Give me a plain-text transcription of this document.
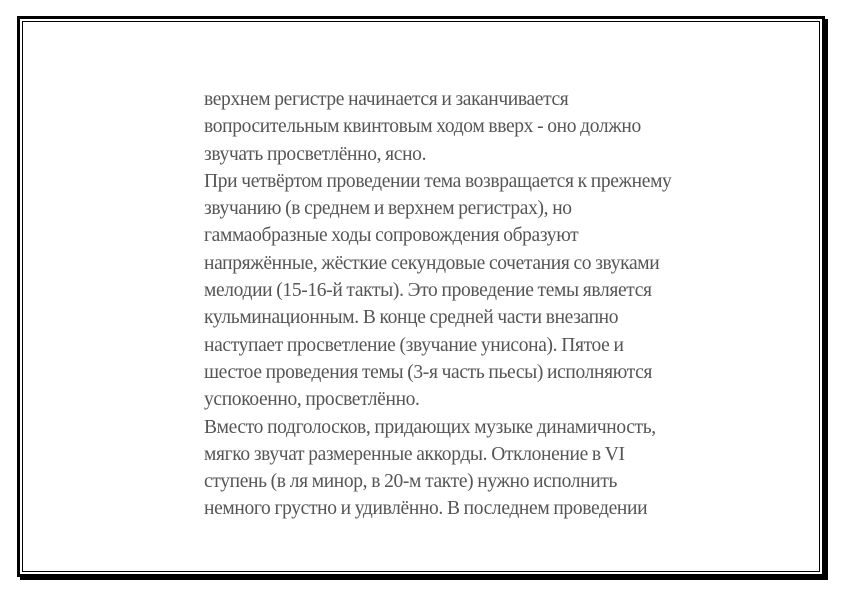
верхнем регистре начинается и заканчивается
вопросительным квинтовым ходом вверх - оно должно
звучать просветлённо, ясно.
При четвёртом проведении тема возвращается к прежнему
звучанию (в среднем и верхнем регистрах), но
гаммаобразные ходы сопровождения образуют
напряжённые, жёсткие секундовые сочетания со звуками
мелодии (15-16-й такты). Это проведение темы является
кульминационным. В конце средней части внезапно
наступает просветление (звучание унисона). Пятое и
шестое проведения темы (3-я часть пьесы) исполняются
успокоенно, просветлённо.
Вместо подголосков, придающих музыке динамичность,
мягко звучат размеренные аккорды. Отклонение в VI
ступень (в ля минор, в 20-м такте) нужно исполнить
немного грустно и удивлённо. В последнем проведении
